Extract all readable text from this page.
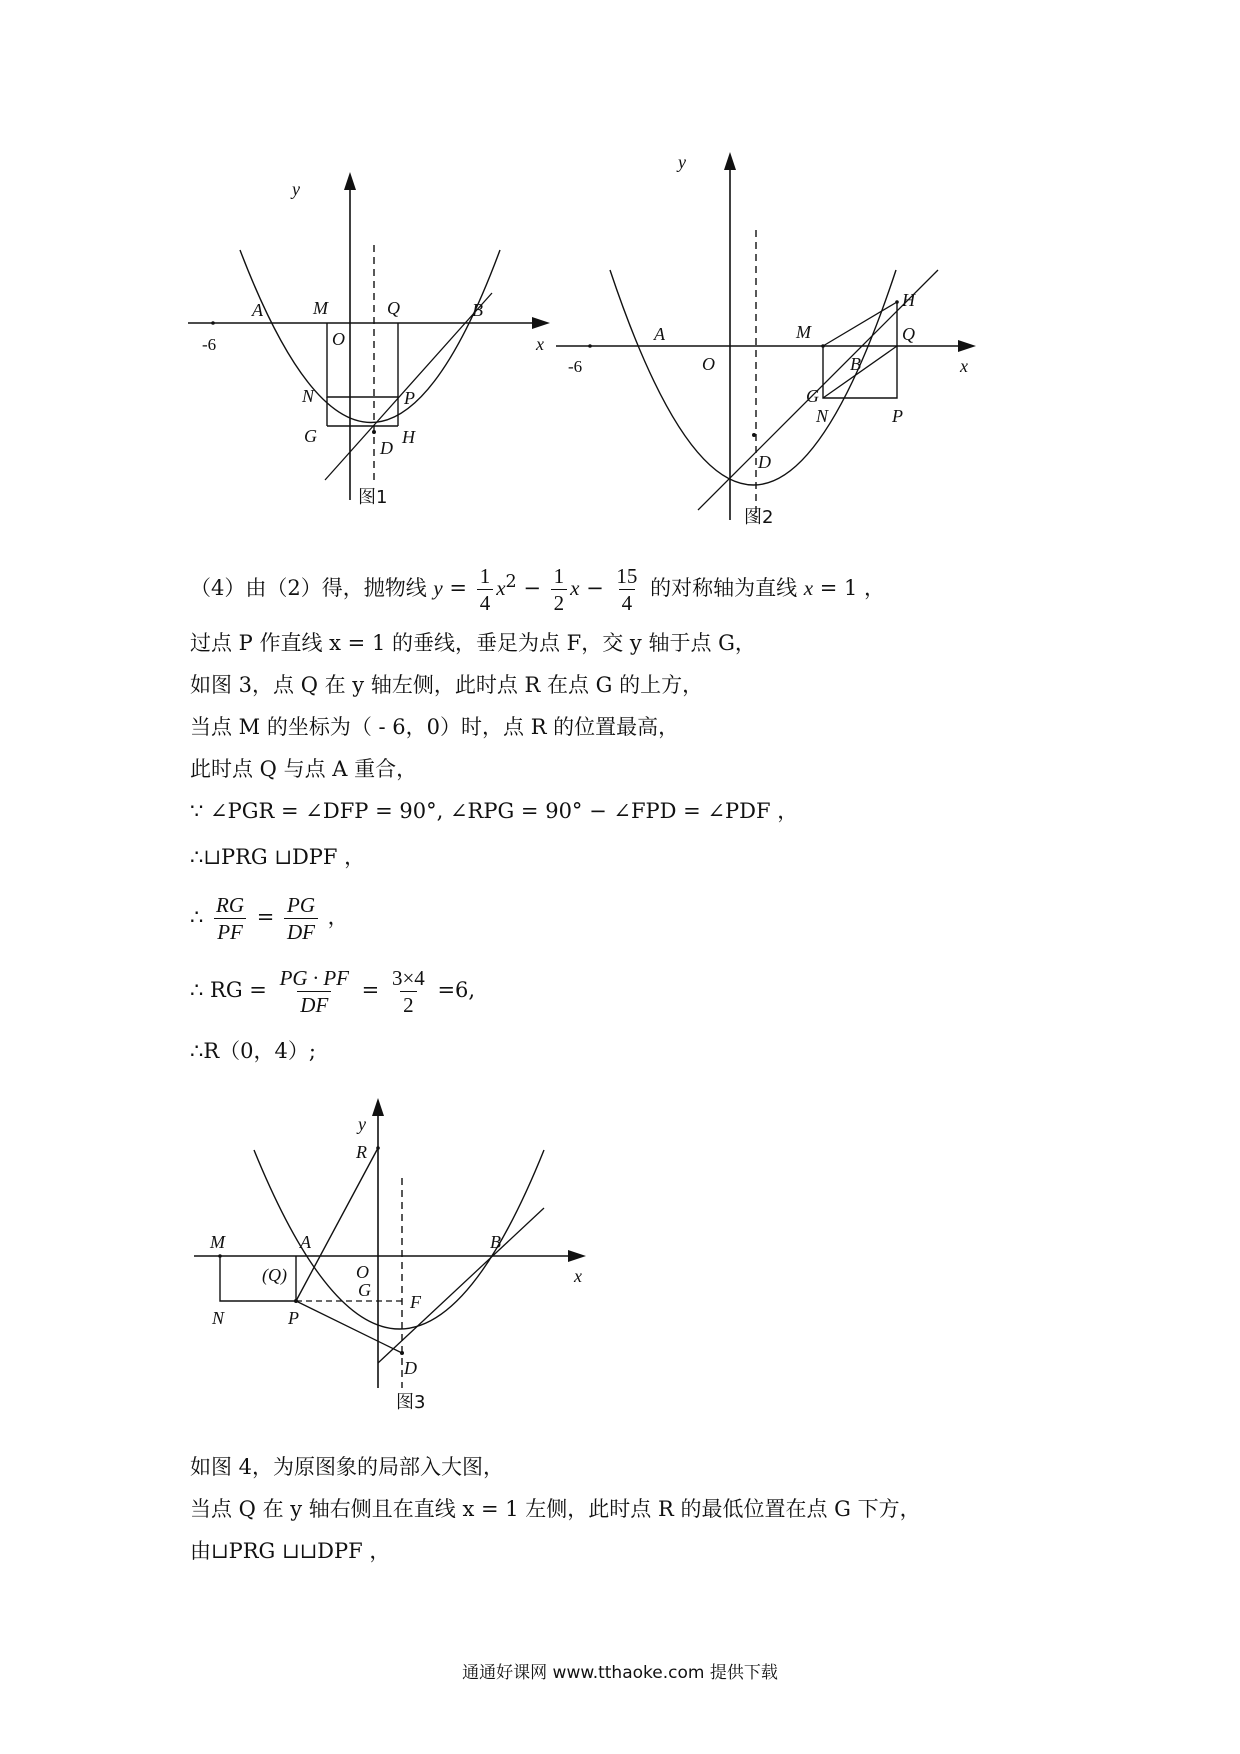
y
x
-6
A	M
O
Q	B
N	P
G	H
D
图1
y
x
-6
A
O
M
B
H
Q
G
N	P
D
图2
（4）由（2）得，抛物线 $y = \frac{1}{4} x^2 - \frac{1}{2}$ $x - \frac{15}{4}$ 的对称轴为直线 x = 1 ，
过点 P 作直线 x = 1 的垂线，垂足为点 F，交 y 轴于点 G，
如图 3，点 Q 在 y 轴左侧，此时点 R 在点 G 的上方，
当点 M 的坐标为（ - 6，0）时，点 R 的位置最高，
此时点 Q 与点 A 重合，
∵ ∠PGR = ∠DFP = 90°, ∠RPG = 90° − ∠FPD = ∠PDF ，
∴⊔PRG ⊔DPF ，
∴ $\frac{RG}{PF} = \frac{PG}{DF}$ ，
∴ RG = $\frac{PG \cdot PF}{DF} = \frac{3\times 4}{2} =6$,
∴R（0，4）;
y
x
R
M	A	B
(Q)	O
G
F
N	P
D
图3
如图 4，为原图象的局部入大图，
当点 Q 在 y 轴右侧且在直线 x = 1 左侧，此时点 R 的最低位置在点 G 下方，
由⊔PRG ⊔⊔DPF ，
通通好课网 www.tthaoke.com 提供下载
